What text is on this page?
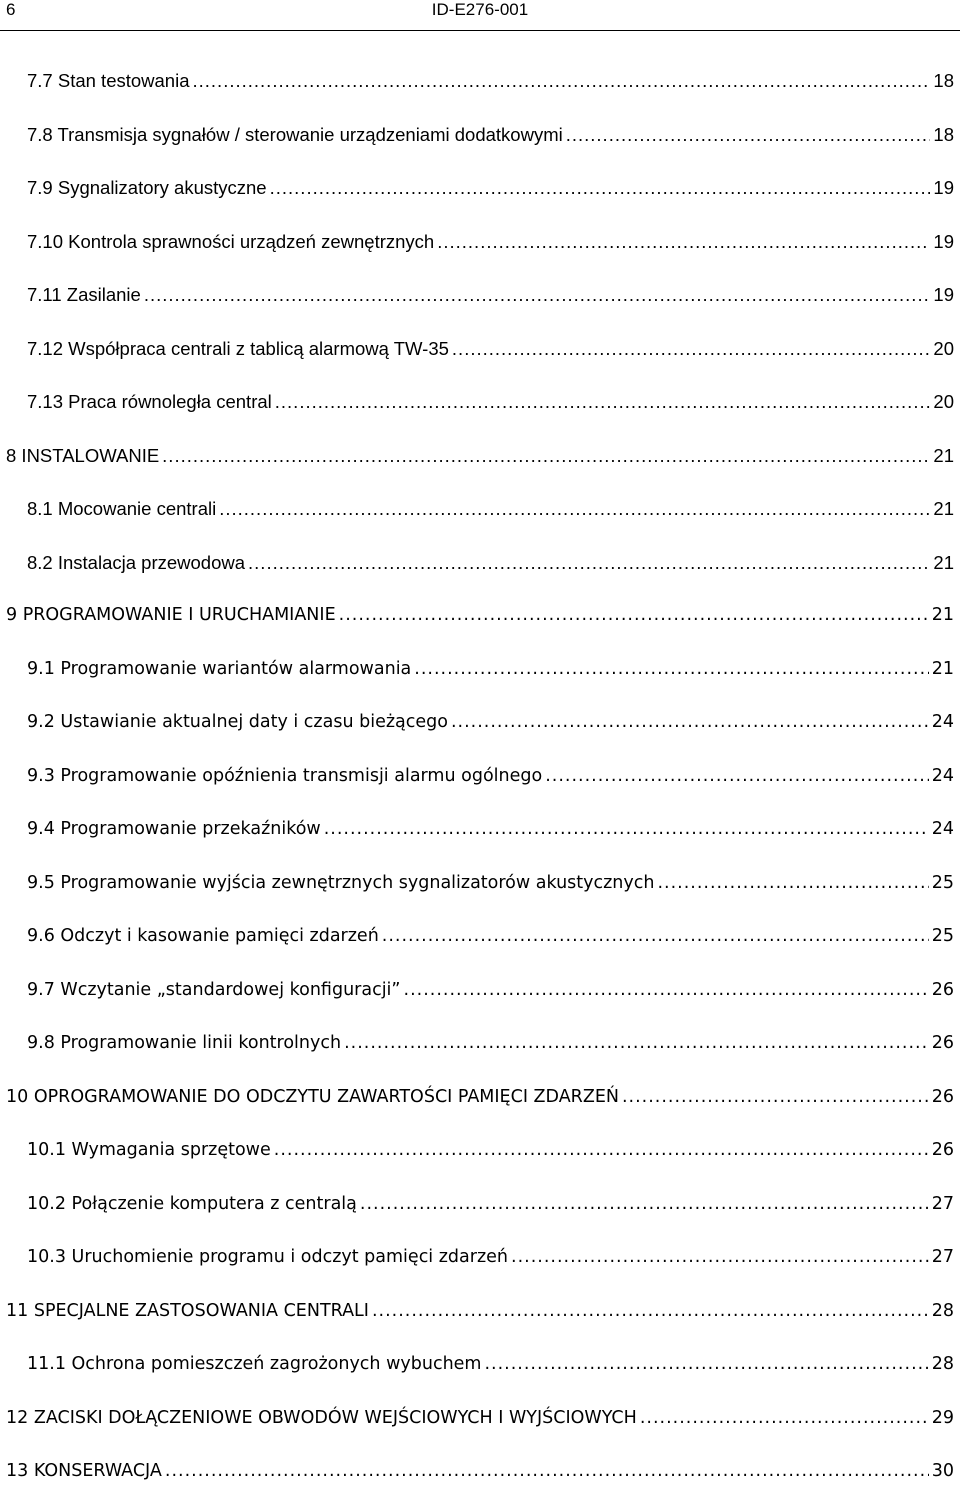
6	ID-E276-001
7.7 Stan testowania .....	18
7.8 Transmisja sygnałów / sterowanie urządzeniami dodatkowymi .....	18
7.9 Sygnalizatory akustyczne .....	19
7.10 Kontrola sprawności urządzeń zewnętrznych .....	19
7.11 Zasilanie .....	19
7.12 Współpraca centrali z tablicą alarmową TW-35 .....	20
7.13 Praca równoległa central .....	20
8 INSTALOWANIE .....	21
8.1 Mocowanie centrali .....	21
8.2 Instalacja przewodowa .....	21
9 PROGRAMOWANIE I URUCHAMIANIE .....	21
9.1 Programowanie wariantów alarmowania .....	21
9.2 Ustawianie aktualnej daty i czasu bieżącego .....	24
9.3 Programowanie opóźnienia transmisji alarmu ogólnego .....	24
9.4 Programowanie przekaźników .....	24
9.5 Programowanie wyjścia zewnętrznych sygnalizatorów akustycznych .....	25
9.6 Odczyt i kasowanie pamięci zdarzeń .....	25
9.7 Wczytanie „standardowej konfiguracji” .....	26
9.8 Programowanie linii kontrolnych .....	26
10 OPROGRAMOWANIE DO ODCZYTU ZAWARTOŚCI PAMIĘCI ZDARZEŃ .....	26
10.1 Wymagania sprzętowe .....	26
10.2 Połączenie komputera z centralą .....	27
10.3 Uruchomienie programu i odczyt pamięci zdarzeń .....	27
11 SPECJALNE ZASTOSOWANIA CENTRALI .....	28
11.1 Ochrona pomieszczeń zagrożonych wybuchem .....	28
12 ZACISKI DOŁĄCZENIOWE OBWODÓW WEJŚCIOWYCH I WYJŚCIOWYCH .....	29
13 KONSERWACJA .....	30
